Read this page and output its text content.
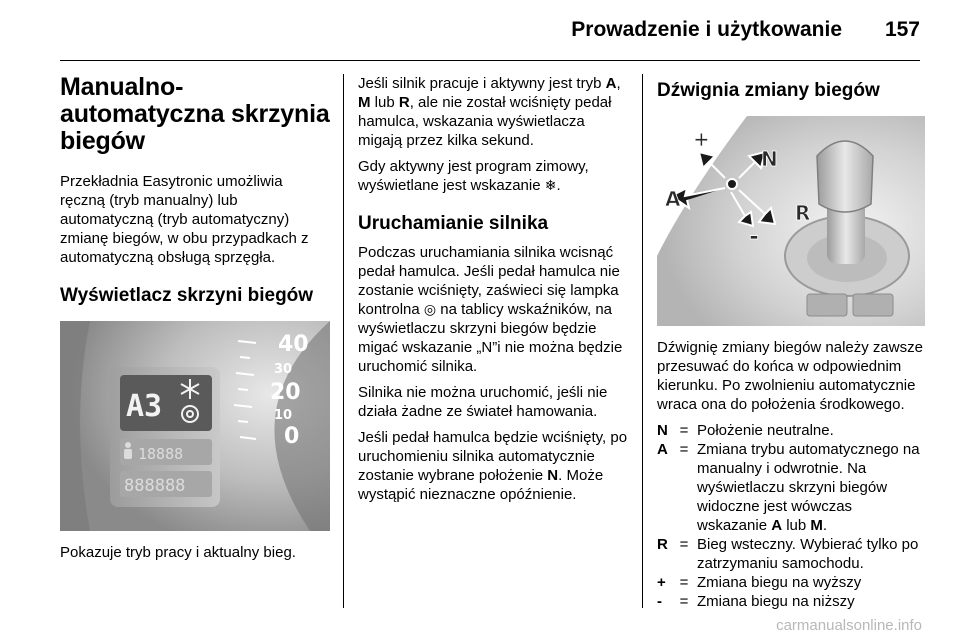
Prowadzenie i użytkowanie 157
Manualno-automatyczna skrzynia biegów

Przekładnia Easytronic umożliwia ręczną (tryb manualny) lub automatyczną (tryb automatyczny) zmianę biegów, w obu przypadkach z automatyczną obsługą sprzęgła.

Wyświetlacz skrzyni biegów
A3
18888
888888
40
30
20
10
0

Pokazuje tryb pracy i aktualny bieg.

Jeśli silnik pracuje i aktywny jest tryb A, M lub R, ale nie został wciśnięty pedał hamulca, wskazania wyświetlacza migają przez kilka sekund.

Gdy aktywny jest program zimowy, wyświetlane jest wskazanie ❄.

Uruchamianie silnika

Podczas uruchamiania silnika wcisnąć pedał hamulca. Jeśli pedał hamulca nie zostanie wciśnięty, zaświeci się lampka kontrolna ◎ na tablicy wskaźników, na wyświetlaczu skrzyni biegów będzie migać wskazanie „N”i nie można będzie uruchomić silnika.

Silnika nie można uruchomić, jeśli nie działa żadne ze świateł hamowania.

Jeśli pedał hamulca będzie wciśnięty, po uruchomieniu silnika automatycznie zostanie wybrane położenie N. Może wystąpić nieznaczne opóźnienie.

Dźwignia zmiany biegów
+
N
A
R
-

Dźwignię zmiany biegów należy zawsze przesuwać do końca w odpowiednim kierunku. Po zwolnieniu automatycznie wraca ona do położenia środkowego.

N = Położenie neutralne.
A = Zmiana trybu automatycznego na manualny i odwrotnie. Na wyświetlaczu skrzyni biegów widoczne jest wówczas wskazanie A lub M.
R = Bieg wsteczny. Wybierać tylko po zatrzymaniu samochodu.
+ = Zmiana biegu na wyższy
-	= Zmiana biegu na niższy
carmanualsonline.info
